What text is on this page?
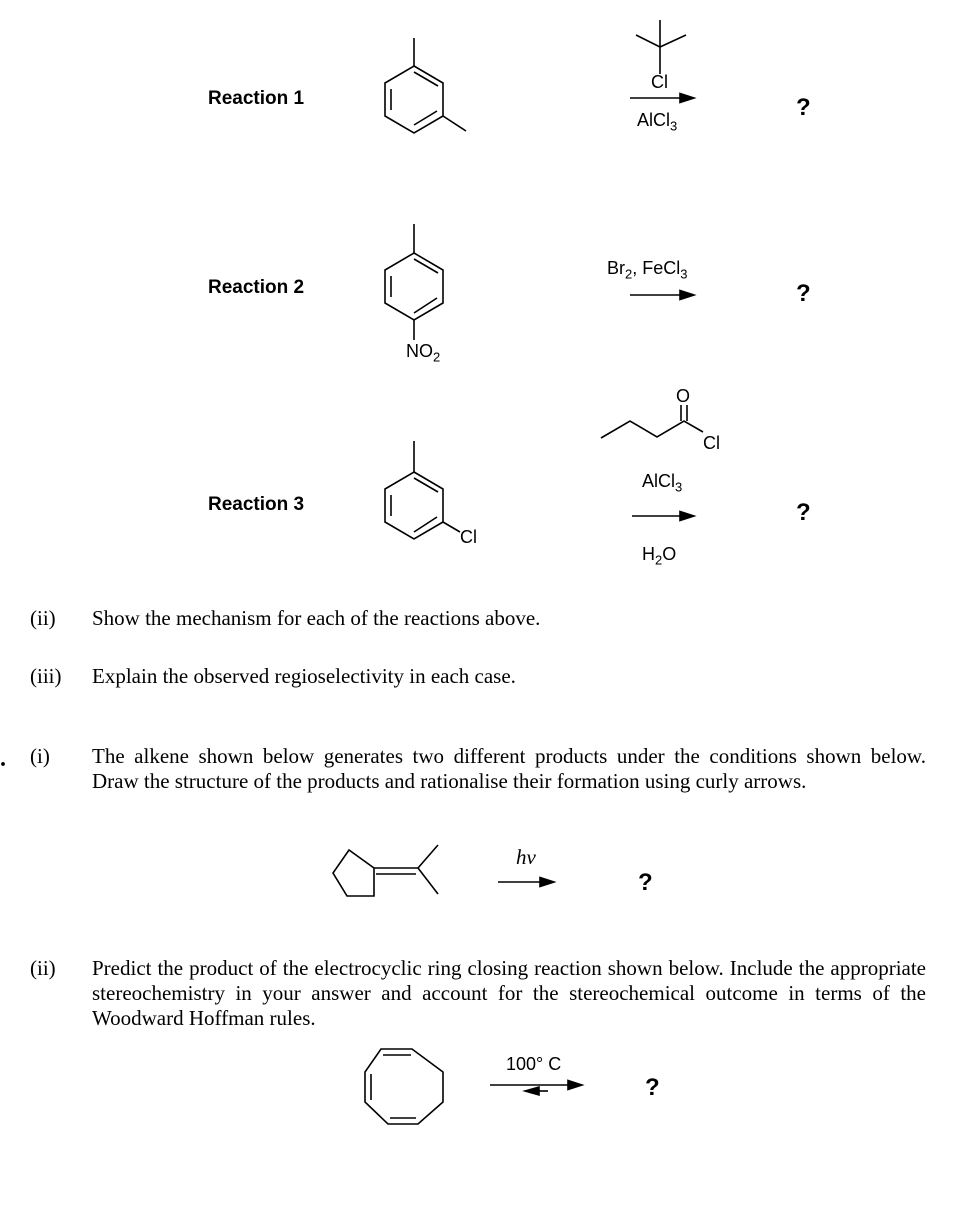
Reaction 1
Cl
AlCl$_3$
?
Reaction 2
$Br_2$, FeCl$_3$
$NO_2$
?
O
Cl
AlCl$_3$
Reaction 3
Cl
?
$H_2O$
(ii) Show the mechanism for each of the reactions above.
(iii) Explain the observed regioselectivity in each case.
. (i) The alkene shown below generates two different products under the conditions shown below. Draw the structure of the products and rationalise their formation using curly arrows.
hν
?
(ii) Predict the product of the electrocyclic ring closing reaction shown below. Include the appropriate stereochemistry in your answer and account for the stereochemical outcome in terms of the Woodward Hoffman rules.
100° C
?
